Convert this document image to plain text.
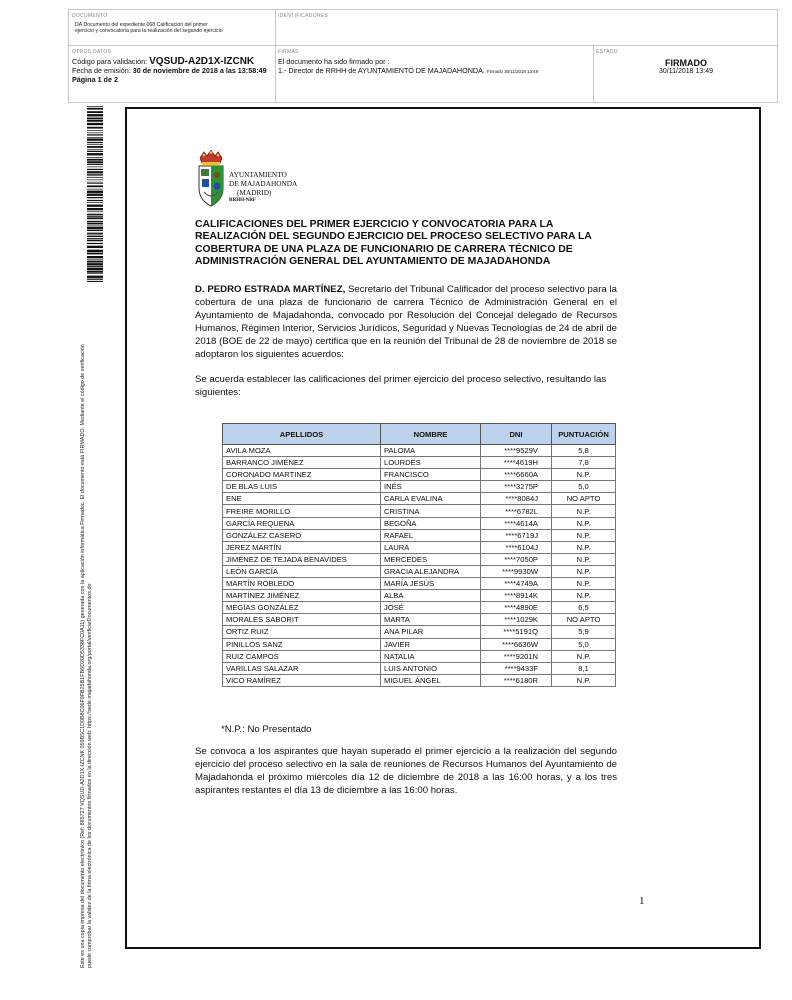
DOCUMENTO
DA Documento del expediente 068 Calificación del primer ejercicio y convocatoria para la realización del segundo ejercicio
IDENTIFICADORES
OTROS DATOS
Código para validación: VQSUD-A2D1X-IZCNK
Fecha de emisión: 30 de noviembre de 2018 a las 13:58:49
Página 1 de 2
FIRMAS
El documento ha sido firmado por :
1.- Director de RRHH de AYUNTAMIENTO DE MAJADAHONDA. Firmado 30/11/2018 13:49
ESTADO
FIRMADO
30/11/2018 13:49
Este es una copia impresa del documento electrónico (Ref: 885727 VQSUD-A2D1X-IZCNK 059B5C1D0B8C06F9FB25B1FB6D20D5338FC0A11) generada con la aplicación informática Firmadoc. El documento está FIRMADO. Mediante el código de verificación puede comprobar la validez de la firma electrónica de los documentos firmados en la dirección web: https://sede.majadahonda.org/portal/verificarDocumentos.do
AYUNTAMIENTO
DE MAJADAHONDA
(MADRID)
RRHH-NRF
CALIFICACIONES DEL PRIMER EJERCICIO Y CONVOCATORIA PARA LA REALIZACIÓN DEL SEGUNDO EJERCICIO DEL PROCESO SELECTIVO PARA LA COBERTURA DE UNA PLAZA DE FUNCIONARIO DE CARRERA TÉCNICO DE ADMINISTRACIÓN GENERAL DEL AYUNTAMIENTO DE MAJADAHONDA
D. PEDRO ESTRADA MARTÍNEZ, Secretario del Tribunal Calificador del proceso selectivo para la cobertura de una plaza de funcionario de carrera Técnico de Administración General en el Ayuntamiento de Majadahonda, convocado por Resolución del Concejal delegado de Recursos Humanos, Régimen Interior, Servicios Jurídicos, Seguridad y Nuevas Tecnologías de 24 de abril de 2018 (BOE de 22 de mayo) certifica que en la reunión del Tribunal de 28 de noviembre de 2018 se adoptaron los siguientes acuerdos:
Se acuerda establecer las calificaciones del primer ejercicio del proceso selectivo, resultando las siguientes:
APELLIDOS	NOMBRE	DNI	PUNTUACIÓN
AVILA MOZA	PALOMA	****9529V	5,8
BARRANCO JIMÉNEZ	LOURDES	****4619H	7,8
CORONADO MARTINEZ	FRANCISCO	****6660A	N.P.
DE BLAS LUIS	INÉS	****3275P	5,0
ENE	CARLA EVALINA	****8084J	NO APTO
FREIRE MORILLO	CRISTINA	****6782L	N.P.
GARCÍA REQUENA	BEGOÑA	****4614A	N.P.
GONZÁLEZ CASERO	RAFAEL	****6719J	N.P.
JEREZ MARTÍN	LAURA	****6104J	N.P.
JIMÉNEZ DE TEJADA BENAVIDES	MERCEDES	****7050P	N.P.
LEÓN GARCÍA	GRACIA ALEJANDRA	****9930W	N.P.
MARTÍN ROBLEDO	MARÍA JESÚS	****4749A	N.P.
MARTÍNEZ JIMÉNEZ	ALBA	****8914K	N.P.
MEGÍAS GONZÁLEZ	JOSÉ	****4890E	6,5
MORALES SABORIT	MARTA	****1029K	NO APTO
ORTIZ RUIZ	ANA PILAR	****5191Q	5,9
PINILLOS SANZ	JAVIER	****6636W	5,0
RUIZ CAMPOS	NATALIA	****9201N	N.P.
VARILLAS SALAZAR	LUIS ANTONIO	****9433F	8,1
VICO RAMÍREZ	MIGUEL ÁNGEL	****6180R	N.P.
*N.P.: No Presentado
Se convoca a los aspirantes que hayan superado el primer ejercicio a la realización del segundo ejercicio del proceso selectivo en la sala de reuniones de Recursos Humanos del Ayuntamiento de Majadahonda el próximo miércoles día 12 de diciembre de 2018 a las 16:00 horas, y a los tres aspirantes restantes el día 13 de diciembre a las 16:00 horas.
1
